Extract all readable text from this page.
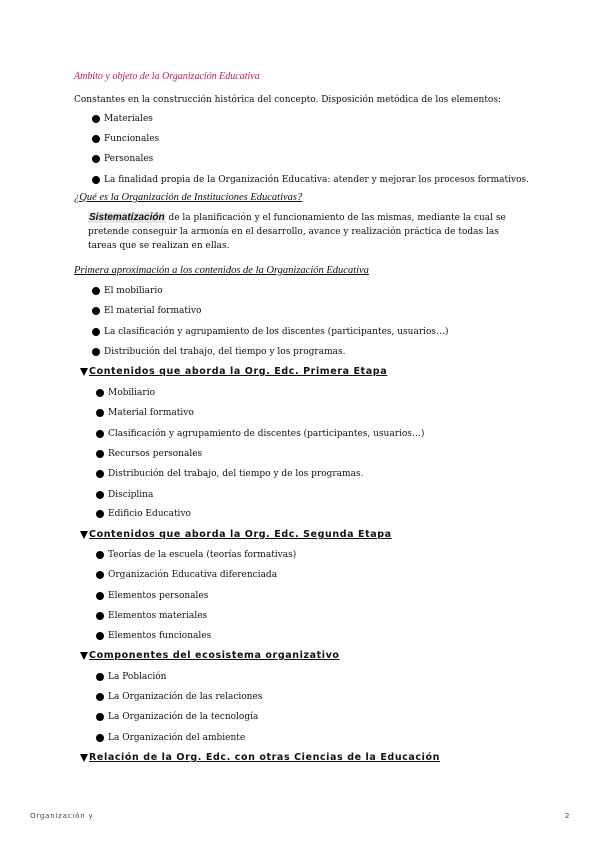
Ambito y objeto de la Organización Educativa
Constantes en la construcción histórica del concepto. Disposición metódica de los elementos:
Materiales
Funcionales
Personales
La finalidad propia de la Organización Educativa: atender y mejorar los procesos formativos.
¿Qué es la Organización de Instituciones Educativas?
Sistematización de la planificación y el funcionamiento de las mismas, mediante la cual se pretende conseguir la armonía en el desarrollo, avance y realización práctica de todas las tareas que se realizan en ellas.
Primera aproximación a los contenidos de la Organización Educativa
El mobiliario
El material formativo
La clasificación y agrupamiento de los discentes (participantes, usuarios…)
Distribución del trabajo, del tiempo y los programas.
Contenidos que aborda la Org. Edc. Primera Etapa
Mobiliario
Material formativo
Clasificación y agrupamiento de discentes (participantes, usuarios…)
Recursos personales
Distribución del trabajo, del tiempo y de los programas.
Disciplina
Edificio Educativo
Contenidos que aborda la Org. Edc. Segunda Etapa
Teorías de la escuela (teorías formativas)
Organización Educativa diferenciada
Elementos personales
Elementos materiales
Elementos funcionales
Componentes del ecosistema organizativo
La Población
La Organización de las relaciones
La Organización de la tecnología
La Organización del ambiente
Relación de la Org. Edc. con otras Ciencias de la Educación
Organización y	2
